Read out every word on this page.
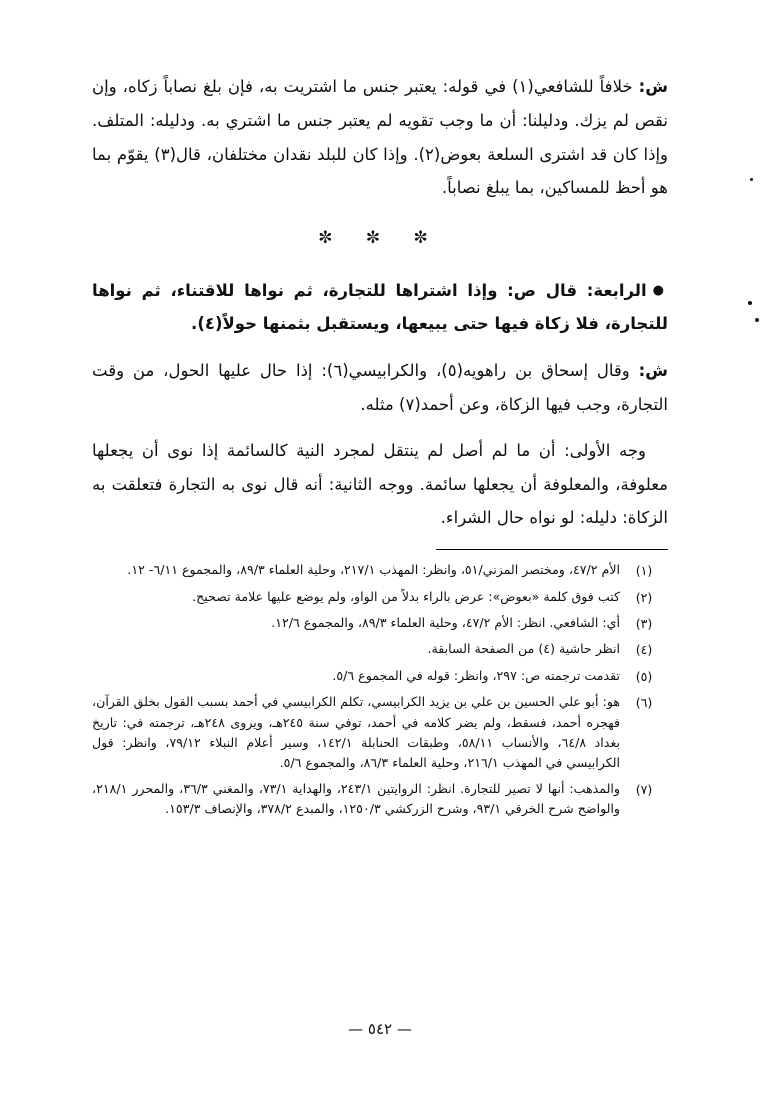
ش: خلافاً للشافعي(١) في قوله: يعتبر جنس ما اشتريت به، فإن بلغ نصاباً زكاه، وإن نقص لم يزك. ودليلنا: أن ما وجب تقويه لم يعتبر جنس ما اشتري به. ودليله: المتلف. وإذا كان قد اشترى السلعة بعوض(٢). وإذا كان للبلد نقدان مختلفان، قال(٣) يقوّم بما هو أحظ للمساكين، بما يبلغ نصاباً.

✼ ✼ ✼

●الرابعة: قال ص: وإذا اشتراها للتجارة، ثم نواها للاقتناء، ثم نواها للتجارة، فلا زكاة فيها حتى يبيعها، ويستقبل بثمنها حولاً(٤).

ش: وقال إسحاق بن راهويه(٥)، والكرابيسي(٦): إذا حال عليها الحول، من وقت التجارة، وجب فيها الزكاة، وعن أحمد(٧) مثله.

وجه الأولى: أن ما لم أصل لم ينتقل لمجرد النية كالسائمة إذا نوى أن يجعلها معلوفة، والمعلوفة أن يجعلها سائمة. ووجه الثانية: أنه قال نوى به التجارة فتعلقت به الزكاة: دليله: لو نواه حال الشراء.

(١)
الأم ٤٧/٢، ومختصر المزني/٥١، وانظر: المهذب ٢١٧/١، وحلية العلماء ٨٩/٣، والمجموع ٦/١١- ١٢.
(٢)
كتب فوق كلمة «بعوض»: عرض بالراء بدلاً من الواو، ولم يوضع عليها علامة تصحيح.
(٣)
أي: الشافعي. انظر: الأم ٤٧/٢، وحلية العلماء ٨٩/٣، والمجموع ١٢/٦.
(٤)
انظر حاشية (٤) من الصفحة السابقة.
(٥)
تقدمت ترجمته ص: ٢٩٧، وانظر: قوله في المجموع ٥/٦.
(٦)
هو: أبو علي الحسين بن علي بن يزيد الكرابيسي، تكلم الكرابيسي في أحمد بسبب القول بخلق القرآن، فهجره أحمد، فسقط، ولم يضر كلامه في أحمد، توفي سنة ٢٤٥هـ، ويروى ٢٤٨هـ، ترجمته في: تاريخ بغداد ٦٤/٨، والأنساب ٥٨/١١، وطبقات الحنابلة ١٤٢/١، وسير أعلام النبلاء ٧٩/١٢، وانظر: قول الكرابيسي في المهذب ٢١٦/١، وحلية العلماء ٨٦/٣، والمجموع ٥/٦.
(٧)
والمذهب: أنها لا تصير للتجارة. انظر: الروايتين ٢٤٣/١، والهداية ٧٣/١، والمغني ٣٦/٣، والمحرر ٢١٨/١، والواضح شرح الخرقي ٩٣/١، وشرح الزركشي ١٢٥٠/٣، والمبدع ٣٧٨/٢، والإنصاف ١٥٣/٣.
— ٥٤٢ —
